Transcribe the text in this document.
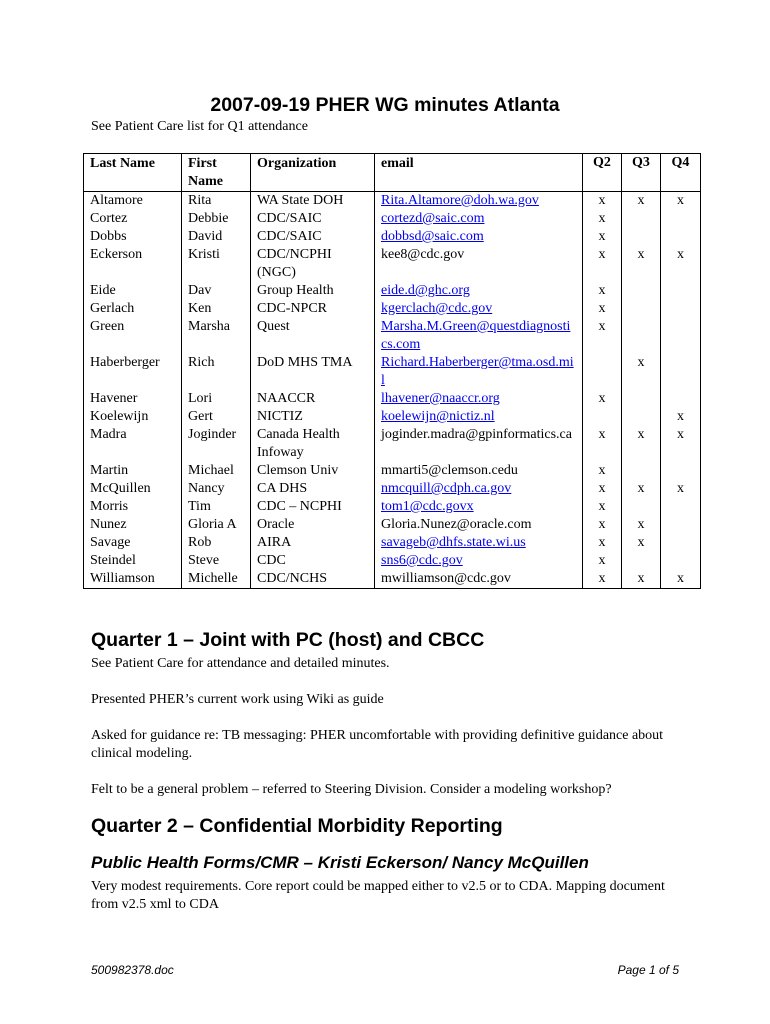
2007-09-19 PHER WG minutes Atlanta

See Patient Care list for Q1 attendance

Last Name	First Name	Organization	email	Q2	Q3	Q4
Altamore	Rita	WA State DOH	Rita.Altamore@doh.wa.gov	x	x	x
Cortez	Debbie	CDC/SAIC	cortezd@saic.com	x		
Dobbs	David	CDC/SAIC	dobbsd@saic.com	x		
Eckerson	Kristi	CDC/NCPHI (NGC)	kee8@cdc.gov	x	x	x
Eide	Dav	Group Health	eide.d@ghc.org	x		
Gerlach	Ken	CDC-NPCR	kgerclach@cdc.gov	x		
Green	Marsha	Quest	Marsha.M.Green@questdiagnostics.com	x		
Haberberger	Rich	DoD MHS TMA	Richard.Haberberger@tma.osd.mil		x	
Havener	Lori	NAACCR	lhavener@naaccr.org	x		
Koelewijn	Gert	NICTIZ	koelewijn@nictiz.nl			x
Madra	Joginder	Canada Health Infoway	joginder.madra@gpinformatics.ca	x	x	x
Martin	Michael	Clemson Univ	mmarti5@clemson.cedu	x		
McQuillen	Nancy	CA DHS	nmcquill@cdph.ca.gov	x	x	x
Morris	Tim	CDC – NCPHI	tom1@cdc.govx	x		
Nunez	Gloria A	Oracle	Gloria.Nunez@oracle.com	x	x	
Savage	Rob	AIRA	savageb@dhfs.state.wi.us	x	x	
Steindel	Steve	CDC	sns6@cdc.gov	x		
Williamson	Michelle	CDC/NCHS	mwilliamson@cdc.gov	x	x	x
Quarter 1 – Joint with PC (host) and CBCC

See Patient Care for attendance and detailed minutes.

Presented PHER’s current work using Wiki as guide

Asked for guidance re: TB messaging: PHER uncomfortable with providing definitive guidance about clinical modeling.

Felt to be a general problem – referred to Steering Division. Consider a modeling workshop?

Quarter 2 – Confidential Morbidity Reporting
Public Health Forms/CMR – Kristi Eckerson/ Nancy McQuillen

Very modest requirements. Core report could be mapped either to v2.5 or to CDA. Mapping document from v2.5 xml to CDA

500982378.doc	Page 1 of 5
